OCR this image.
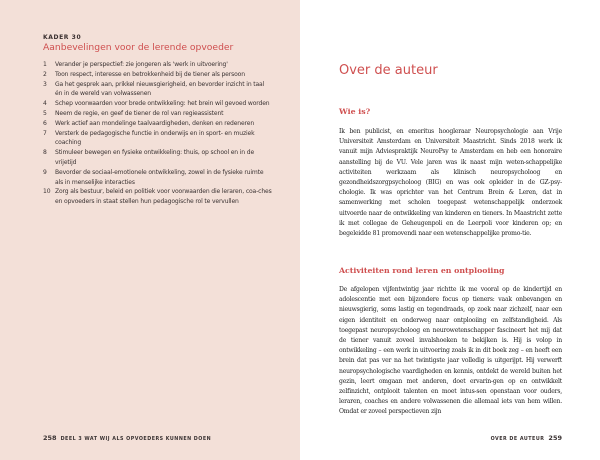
KADER 30
Aanbevelingen voor de lerende opvoeder
1	Verander je perspectief: zie jongeren als 'werk in uitvoering'
2	Toon respect, interesse en betrokkenheid bij de tiener als persoon
3	Ga het gesprek aan, prikkel nieuwsgierigheid, en bevorder inzicht in taal én in de wereld van volwassenen
4	Schep voorwaarden voor brede ontwikkeling: het brein wil gevoed worden
5	Neem de regie, en geef de tiener de rol van regieassistent
6	Werk actief aan mondelinge taalvaardigheden, denken en redeneren
7	Versterk de pedagogische functie in onderwijs en in sport- en muziek coaching
8	Stimuleer bewegen en fysieke ontwikkeling: thuis, op school en in de vrijetijd
9	Bevorder de sociaal-emotionele ontwikkeling, zowel in de fysieke ruimte als in menselijke interacties
10 Zorg als bestuur, beleid en politiek voor voorwaarden die leraren, coa-ches en opvoeders in staat stellen hun pedagogische rol te vervullen
258 DEEL 3 WAT WIJ ALS OPVOEDERS KUNNEN DOEN
Over de auteur
Wie is?

Ik ben publicist, en emeritus hoogleraar Neuropsychologie aan Vrije Universiteit Amsterdam en Universiteit Maastricht. Sinds 2018 werk ik vanuit mijn Adviespraktijk NeuroPsy te Amsterdam en heb een honoraire aanstelling bij de VU. Vele jaren was ik naast mijn weten-schappelijke activiteiten werkzaam als klinisch neuropsycholoog en gezondheidszorgpsycholoog (BIG) en was ook opleider in de GZ-psy-chologie. Ik was oprichter van het Centrum Brein & Leren, dat in samenwerking met scholen toegepast wetenschappelijk onderzoek uitvoerde naar de ontwikkeling van kinderen en tieners. In Maastricht zette ik met collegae de Geheugenpoli en de Leerpoli voor kinderen op; en begeleidde 81 promovendi naar een wetenschappelijke promo-tie.

Activiteiten rond leren en ontplooiing

De afgelopen vijfentwintig jaar richtte ik me vooral op de kindertijd en adolescentie met een bijzondere focus op tieners: vaak onbevangen en nieuwsgierig, soms lastig en tegendraads, op zoek naar zichzelf, naar een eigen identiteit en onderweg naar ontplooiing en zelfstandigheid. Als toegepast neuropsycholoog en neurowetenschapper fascineert het mij dat de tiener vanuit zoveel invalshoeken te bekijken is. Hij is volop in ontwikkeling – een werk in uitvoering zoals ik in dit boek zeg – en heeft een brein dat pas ver na het twintigste jaar volledig is uitgerijpt. Hij verwerft neuropsychologische vaardigheden en kennis, ontdekt de wereld buiten het gezin, leert omgaan met anderen, doet ervarin-gen op en ontwikkelt zelfinzicht, ontplooit talenten en moet intus-sen openstaan voor ouders, leraren, coaches en andere volwassenen die allemaal iets van hem willen. Omdat er zoveel perspectieven zijn

OVER DE AUTEUR 259
